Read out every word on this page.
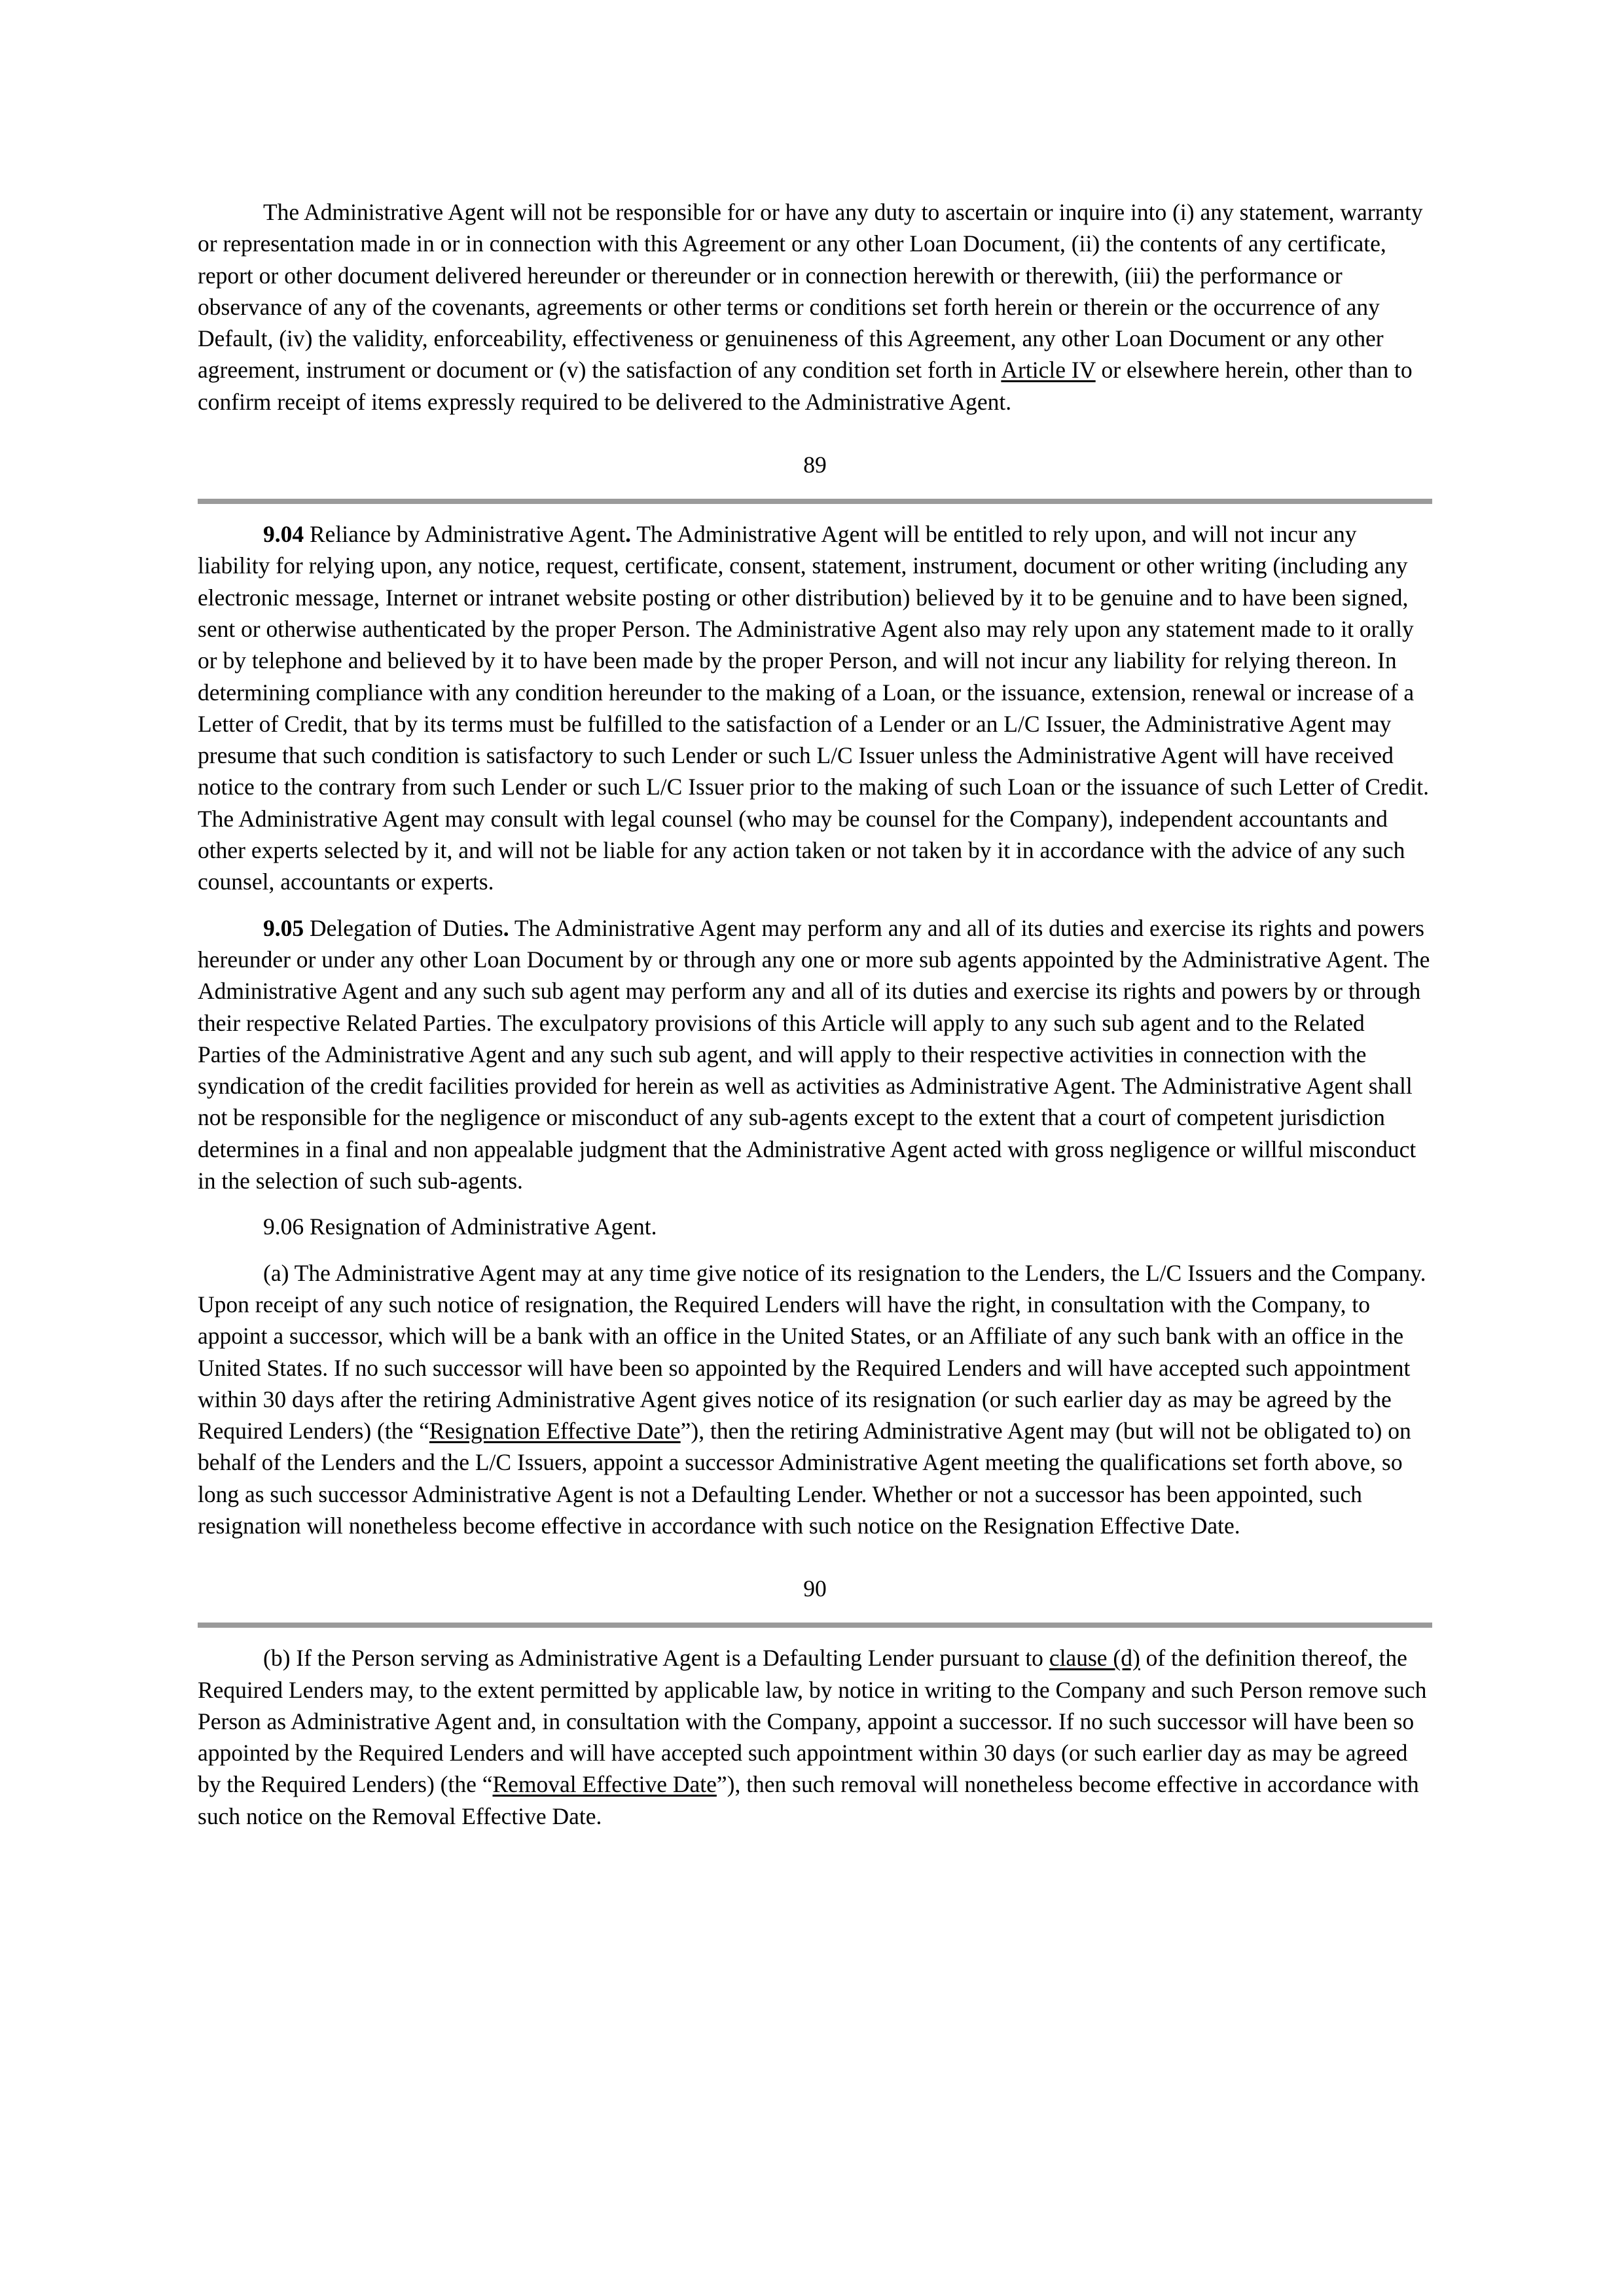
The Administrative Agent will not be responsible for or have any duty to ascertain or inquire into (i) any statement, warranty or representation made in or in connection with this Agreement or any other Loan Document, (ii) the contents of any certificate, report or other document delivered hereunder or thereunder or in connection herewith or therewith, (iii) the performance or observance of any of the covenants, agreements or other terms or conditions set forth herein or therein or the occurrence of any Default, (iv) the validity, enforceability, effectiveness or genuineness of this Agreement, any other Loan Document or any other agreement, instrument or document or (v) the satisfaction of any condition set forth in Article IV or elsewhere herein, other than to confirm receipt of items expressly required to be delivered to the Administrative Agent.

89

9.04 Reliance by Administrative Agent. The Administrative Agent will be entitled to rely upon, and will not incur any liability for relying upon, any notice, request, certificate, consent, statement, instrument, document or other writing (including any electronic message, Internet or intranet website posting or other distribution) believed by it to be genuine and to have been signed, sent or otherwise authenticated by the proper Person. The Administrative Agent also may rely upon any statement made to it orally or by telephone and believed by it to have been made by the proper Person, and will not incur any liability for relying thereon. In determining compliance with any condition hereunder to the making of a Loan, or the issuance, extension, renewal or increase of a Letter of Credit, that by its terms must be fulfilled to the satisfaction of a Lender or an L/C Issuer, the Administrative Agent may presume that such condition is satisfactory to such Lender or such L/C Issuer unless the Administrative Agent will have received notice to the contrary from such Lender or such L/C Issuer prior to the making of such Loan or the issuance of such Letter of Credit. The Administrative Agent may consult with legal counsel (who may be counsel for the Company), independent accountants and other experts selected by it, and will not be liable for any action taken or not taken by it in accordance with the advice of any such counsel, accountants or experts.

9.05 Delegation of Duties. The Administrative Agent may perform any and all of its duties and exercise its rights and powers hereunder or under any other Loan Document by or through any one or more sub agents appointed by the Administrative Agent. The Administrative Agent and any such sub agent may perform any and all of its duties and exercise its rights and powers by or through their respective Related Parties. The exculpatory provisions of this Article will apply to any such sub agent and to the Related Parties of the Administrative Agent and any such sub agent, and will apply to their respective activities in connection with the syndication of the credit facilities provided for herein as well as activities as Administrative Agent. The Administrative Agent shall not be responsible for the negligence or misconduct of any sub-agents except to the extent that a court of competent jurisdiction determines in a final and non appealable judgment that the Administrative Agent acted with gross negligence or willful misconduct in the selection of such sub-agents.

9.06 Resignation of Administrative Agent.

(a) The Administrative Agent may at any time give notice of its resignation to the Lenders, the L/C Issuers and the Company. Upon receipt of any such notice of resignation, the Required Lenders will have the right, in consultation with the Company, to appoint a successor, which will be a bank with an office in the United States, or an Affiliate of any such bank with an office in the United States. If no such successor will have been so appointed by the Required Lenders and will have accepted such appointment within 30 days after the retiring Administrative Agent gives notice of its resignation (or such earlier day as may be agreed by the Required Lenders) (the “Resignation Effective Date”), then the retiring Administrative Agent may (but will not be obligated to) on behalf of the Lenders and the L/C Issuers, appoint a successor Administrative Agent meeting the qualifications set forth above, so long as such successor Administrative Agent is not a Defaulting Lender. Whether or not a successor has been appointed, such resignation will nonetheless become effective in accordance with such notice on the Resignation Effective Date.

90

(b) If the Person serving as Administrative Agent is a Defaulting Lender pursuant to clause (d) of the definition thereof, the Required Lenders may, to the extent permitted by applicable law, by notice in writing to the Company and such Person remove such Person as Administrative Agent and, in consultation with the Company, appoint a successor. If no such successor will have been so appointed by the Required Lenders and will have accepted such appointment within 30 days (or such earlier day as may be agreed by the Required Lenders) (the “Removal Effective Date”), then such removal will nonetheless become effective in accordance with such notice on the Removal Effective Date.
